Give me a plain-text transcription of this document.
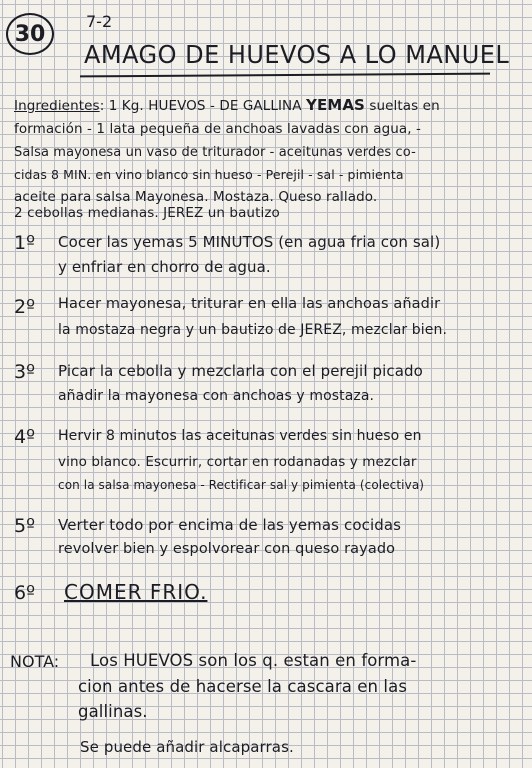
30	7-2
AMAGO DE HUEVOS A LO MANUEL
Ingredientes: 1 Kg. HUEVOS - DE GALLINA YEMAS sueltas en
formación - 1 lata pequeña de anchoas lavadas con agua, -
Salsa mayonesa un vaso de triturador - aceitunas verdes co-
cidas 8 MIN. en vino blanco sin hueso - Perejil - sal - pimienta
aceite para salsa Mayonesa. Mostaza. Queso rallado.
2 cebollas medianas. JEREZ un bautizo
1º Cocer las yemas 5 MINUTOS (en agua fria con sal)
y enfriar en chorro de agua.
2º Hacer mayonesa, triturar en ella las anchoas añadir
la mostaza negra y un bautizo de JEREZ, mezclar bien.
3º Picar la cebolla y mezclarla con el perejil picado
añadir la mayonesa con anchoas y mostaza.
4º Hervir 8 minutos las aceitunas verdes sin hueso en
vino blanco. Escurrir, cortar en rodanadas y mezclar
con la salsa mayonesa - Rectificar sal y pimienta (colectiva)
5º Verter todo por encima de las yemas cocidas
revolver bien y espolvorear con queso rayado
6º COMER FRIO.
NOTA: Los HUEVOS son los q. estan en forma-
cion antes de hacerse la cascara en las
gallinas.
Se puede añadir alcaparras.
